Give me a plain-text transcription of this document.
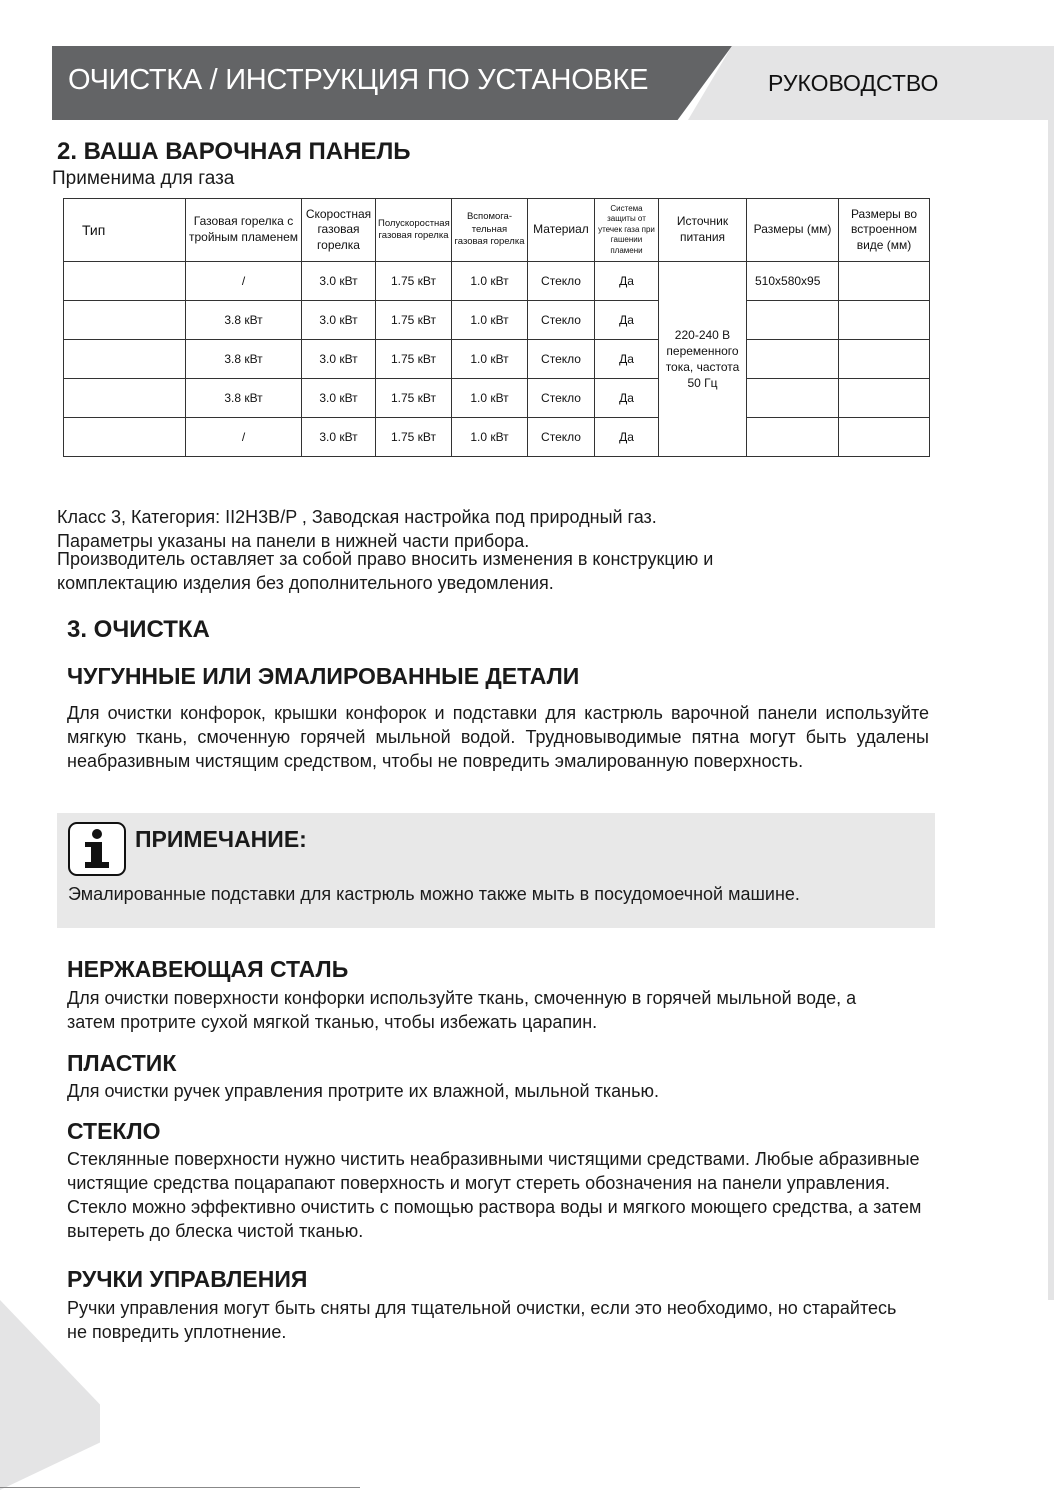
ОЧИСТКА / ИНСТРУКЦИЯ ПО УСТАНОВКЕ	РУКОВОДСТВО
2. ВАША ВАРОЧНАЯ ПАНЕЛЬ

Применима для газа

Тип	Газовая горелка с тройным пламенем	Скоростная газовая горелка	Полускоростная газовая горелка	Вспомога-тельная газовая горелка	Материал	Система защиты от утечек газа при гашении пламени	Источник питания	Размеры (мм)	Размеры во встроенном виде (мм)
	/	3.0 кВт	1.75 кВт	1.0 кВт	Стекло	Да	220-240 В переменного тока, частота 50 Гц	510x580x95	
	3.8 кВт	3.0 кВт	1.75 кВт	1.0 кВт	Стекло	Да			
	3.8 кВт	3.0 кВт	1.75 кВт	1.0 кВт	Стекло	Да			
	3.8 кВт	3.0 кВт	1.75 кВт	1.0 кВт	Стекло	Да			
	/	3.0 кВт	1.75 кВт	1.0 кВт	Стекло	Да			

Класс 3, Категория: II2H3B/P , Заводская настройка под природный газ.

Параметры указаны на панели в нижней части прибора.

Производитель оставляет за собой право вносить изменения в конструкцию и комплектацию изделия без дополнительного уведомления.

3. ОЧИСТКА
ЧУГУННЫЕ ИЛИ ЭМАЛИРОВАННЫЕ ДЕТАЛИ

Для очистки конфорок, крышки конфорок и подставки для кастрюль варочной панели используйте мягкую ткань, смоченную горячей мыльной водой. Трудновыводимые пятна могут быть удалены неабразивным чистящим средством, чтобы не повредить эмалированную поверхность.

ПРИМЕЧАНИЕ:

Эмалированные подставки для кастрюль можно также мыть в посудомоечной машине.

НЕРЖАВЕЮЩАЯ СТАЛЬ

Для очистки поверхности конфорки используйте ткань, смоченную в горячей мыльной воде, а затем протрите сухой мягкой тканью, чтобы избежать царапин.

ПЛАСТИК

Для очистки ручек управления протрите их влажной, мыльной тканью.

СТЕКЛО

Стеклянные поверхности нужно чистить неабразивными чистящими средствами. Любые абразивные чистящие средства поцарапают поверхность и могут стереть обозначения на панели управления. Стекло можно эффективно очистить с помощью раствора воды и мягкого моющего средства, а затем вытереть до блеска чистой тканью.

РУЧКИ УПРАВЛЕНИЯ

Ручки управления могут быть сняты для тщательной очистки, если это необходимо, но старайтесь не повредить уплотнение.
